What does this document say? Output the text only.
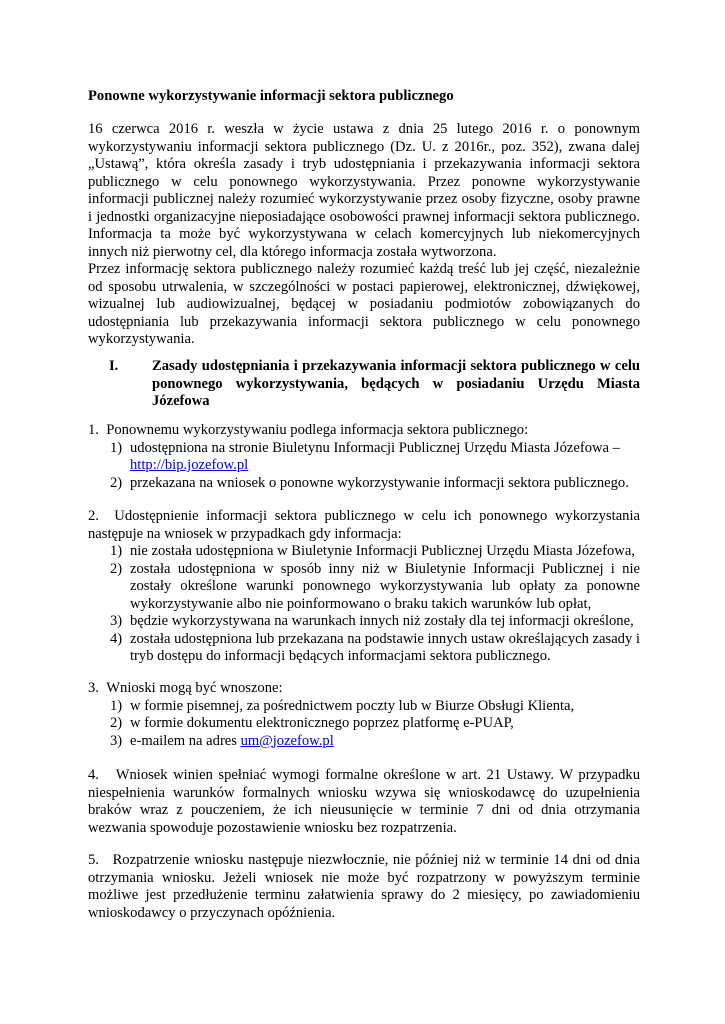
Ponowne wykorzystywanie informacji sektora publicznego

16 czerwca 2016 r. weszła w życie ustawa z dnia 25 lutego 2016 r. o ponownym wykorzystywaniu informacji sektora publicznego (Dz. U. z 2016r., poz. 352), zwana dalej „Ustawą”, która określa zasady i tryb udostępniania i przekazywania informacji sektora publicznego w celu ponownego wykorzystywania. Przez ponowne wykorzystywanie informacji publicznej należy rozumieć wykorzystywanie przez osoby fizyczne, osoby prawne i jednostki organizacyjne nieposiadające osobowości prawnej informacji sektora publicznego. Informacja ta może być wykorzystywana w celach komercyjnych lub niekomercyjnych innych niż pierwotny cel, dla którego informacja została wytworzona.

Przez informację sektora publicznego należy rozumieć każdą treść lub jej część, niezależnie od sposobu utrwalenia, w szczególności w postaci papierowej, elektronicznej, dźwiękowej, wizualnej lub audiowizualnej, będącej w posiadaniu podmiotów zobowiązanych do udostępniania lub przekazywania informacji sektora publicznego w celu ponownego wykorzystywania.

I. Zasady udostępniania i przekazywania informacji sektora publicznego w celu ponownego wykorzystywania, będących w posiadaniu Urzędu Miasta Józefowa

1. Ponownemu wykorzystywaniu podlega informacja sektora publicznego:

1) udostępniona na stronie Biuletynu Informacji Publicznej Urzędu Miasta Józefowa –
http://bip.jozefow.pl
2) przekazana na wniosek o ponowne wykorzystywanie informacji sektora publicznego.

2. Udostępnienie informacji sektora publicznego w celu ich ponownego wykorzystania następuje na wniosek w przypadkach gdy informacja:

1) nie została udostępniona w Biuletynie Informacji Publicznej Urzędu Miasta Józefowa,
2) została udostępniona w sposób inny niż w Biuletynie Informacji Publicznej i nie zostały określone warunki ponownego wykorzystywania lub opłaty za ponowne wykorzystywanie albo nie poinformowano o braku takich warunków lub opłat,
3) będzie wykorzystywana na warunkach innych niż zostały dla tej informacji określone,
4) została udostępniona lub przekazana na podstawie innych ustaw określających zasady i tryb dostępu do informacji będących informacjami sektora publicznego.

3. Wnioski mogą być wnoszone:

1) w formie pisemnej, za pośrednictwem poczty lub w Biurze Obsługi Klienta,
2) w formie dokumentu elektronicznego poprzez platformę e-PUAP,
3) e-mailem na adres um@jozefow.pl

4. Wniosek winien spełniać wymogi formalne określone w art. 21 Ustawy. W przypadku niespełnienia warunków formalnych wniosku wzywa się wnioskodawcę do uzupełnienia braków wraz z pouczeniem, że ich nieusunięcie w terminie 7 dni od dnia otrzymania wezwania spowoduje pozostawienie wniosku bez rozpatrzenia.

5. Rozpatrzenie wniosku następuje niezwłocznie, nie później niż w terminie 14 dni od dnia otrzymania wniosku. Jeżeli wniosek nie może być rozpatrzony w powyższym terminie możliwe jest przedłużenie terminu załatwienia sprawy do 2 miesięcy, po zawiadomieniu wnioskodawcy o przyczynach opóźnienia.
